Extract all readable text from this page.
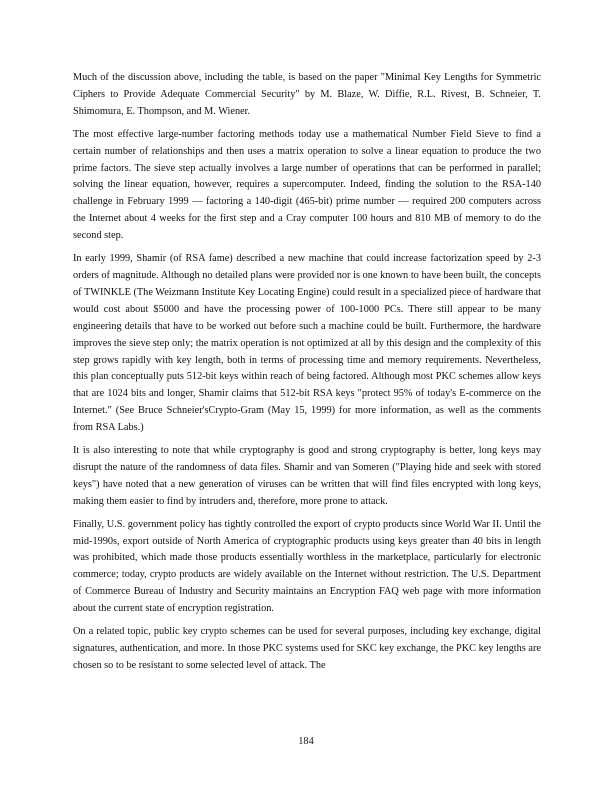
Much of the discussion above, including the table, is based on the paper "Minimal Key Lengths for Symmetric Ciphers to Provide Adequate Commercial Security" by M. Blaze, W. Diffie, R.L. Rivest, B. Schneier, T. Shimomura, E. Thompson, and M. Wiener.

The most effective large-number factoring methods today use a mathematical Number Field Sieve to find a certain number of relationships and then uses a matrix operation to solve a linear equation to produce the two prime factors. The sieve step actually involves a large number of operations that can be performed in parallel; solving the linear equation, however, requires a supercomputer. Indeed, finding the solution to the RSA-140 challenge in February 1999 — factoring a 140-digit (465-bit) prime number — required 200 computers across the Internet about 4 weeks for the first step and a Cray computer 100 hours and 810 MB of memory to do the second step.

In early 1999, Shamir (of RSA fame) described a new machine that could increase factorization speed by 2-3 orders of magnitude. Although no detailed plans were provided nor is one known to have been built, the concepts of TWINKLE (The Weizmann Institute Key Locating Engine) could result in a specialized piece of hardware that would cost about $5000 and have the processing power of 100-1000 PCs. There still appear to be many engineering details that have to be worked out before such a machine could be built. Furthermore, the hardware improves the sieve step only; the matrix operation is not optimized at all by this design and the complexity of this step grows rapidly with key length, both in terms of processing time and memory requirements. Nevertheless, this plan conceptually puts 512-bit keys within reach of being factored. Although most PKC schemes allow keys that are 1024 bits and longer, Shamir claims that 512-bit RSA keys "protect 95% of today's E-commerce on the Internet." (See Bruce Schneier'sCrypto-Gram (May 15, 1999) for more information, as well as the comments from RSA Labs.)

It is also interesting to note that while cryptography is good and strong cryptography is better, long keys may disrupt the nature of the randomness of data files. Shamir and van Someren ("Playing hide and seek with stored keys") have noted that a new generation of viruses can be written that will find files encrypted with long keys, making them easier to find by intruders and, therefore, more prone to attack.

Finally, U.S. government policy has tightly controlled the export of crypto products since World War II. Until the mid-1990s, export outside of North America of cryptographic products using keys greater than 40 bits in length was prohibited, which made those products essentially worthless in the marketplace, particularly for electronic commerce; today, crypto products are widely available on the Internet without restriction. The U.S. Department of Commerce Bureau of Industry and Security maintains an Encryption FAQ web page with more information about the current state of encryption registration.

On a related topic, public key crypto schemes can be used for several purposes, including key exchange, digital signatures, authentication, and more. In those PKC systems used for SKC key exchange, the PKC key lengths are chosen so to be resistant to some selected level of attack. The

184
